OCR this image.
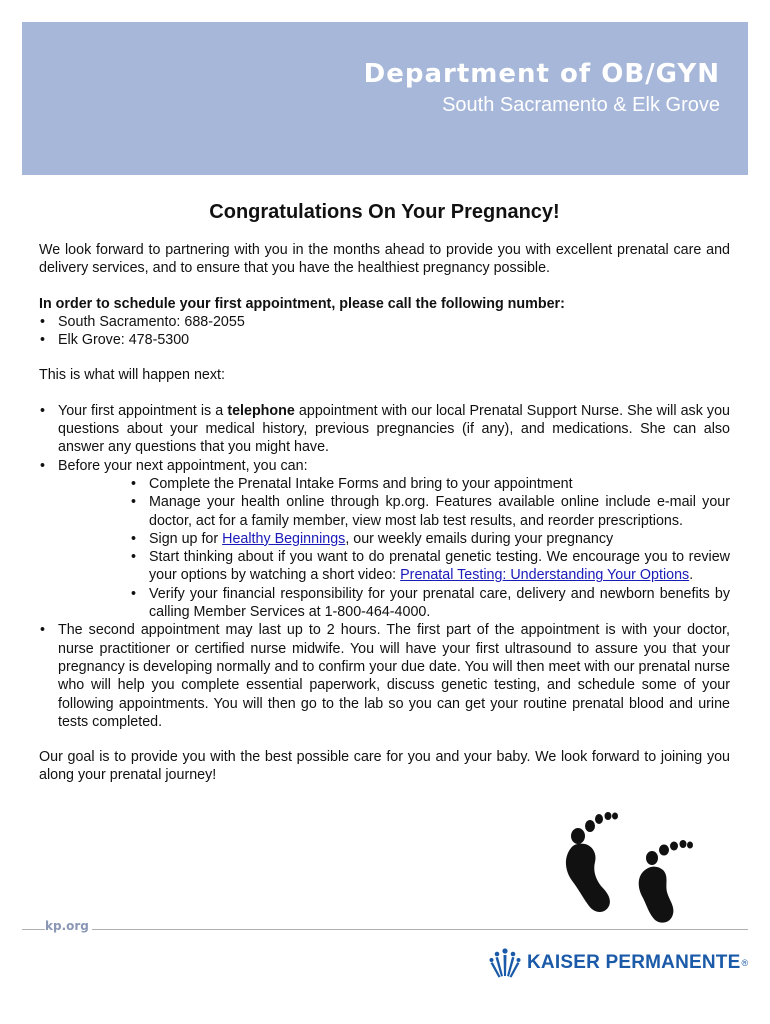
Department of OB/GYN
South Sacramento & Elk Grove
Congratulations On Your Pregnancy!

We look forward to partnering with you in the months ahead to provide you with excellent prenatal care and delivery services, and to ensure that you have the healthiest pregnancy possible.

In order to schedule your first appointment, please call the following number:

• South Sacramento: 688-2055
• Elk Grove: 478-5300

This is what will happen next:

• Your first appointment is a telephone appointment with our local Prenatal Support Nurse. She will ask you questions about your medical history, previous pregnancies (if any), and medications. She can also answer any questions that you might have.
• Before your next appointment, you can:
• Complete the Prenatal Intake Forms and bring to your appointment
• Manage your health online through kp.org. Features available online include e-mail your doctor, act for a family member, view most lab test results, and reorder prescriptions.
• Sign up for Healthy Beginnings, our weekly emails during your pregnancy
• Start thinking about if you want to do prenatal genetic testing. We encourage you to review your options by watching a short video: Prenatal Testing: Understanding Your Options.
• Verify your financial responsibility for your prenatal care, delivery and newborn benefits by calling Member Services at 1-800-464-4000.
• The second appointment may last up to 2 hours. The first part of the appointment is with your doctor, nurse practitioner or certified nurse midwife. You will have your first ultrasound to assure you that your pregnancy is developing normally and to confirm your due date. You will then meet with our prenatal nurse who will help you complete essential paperwork, discuss genetic testing, and schedule some of your following appointments. You will then go to the lab so you can get your routine prenatal blood and urine tests completed.

Our goal is to provide you with the best possible care for you and your baby. We look forward to joining you along your prenatal journey!

kp.org
KAISER PERMANENTE ®
